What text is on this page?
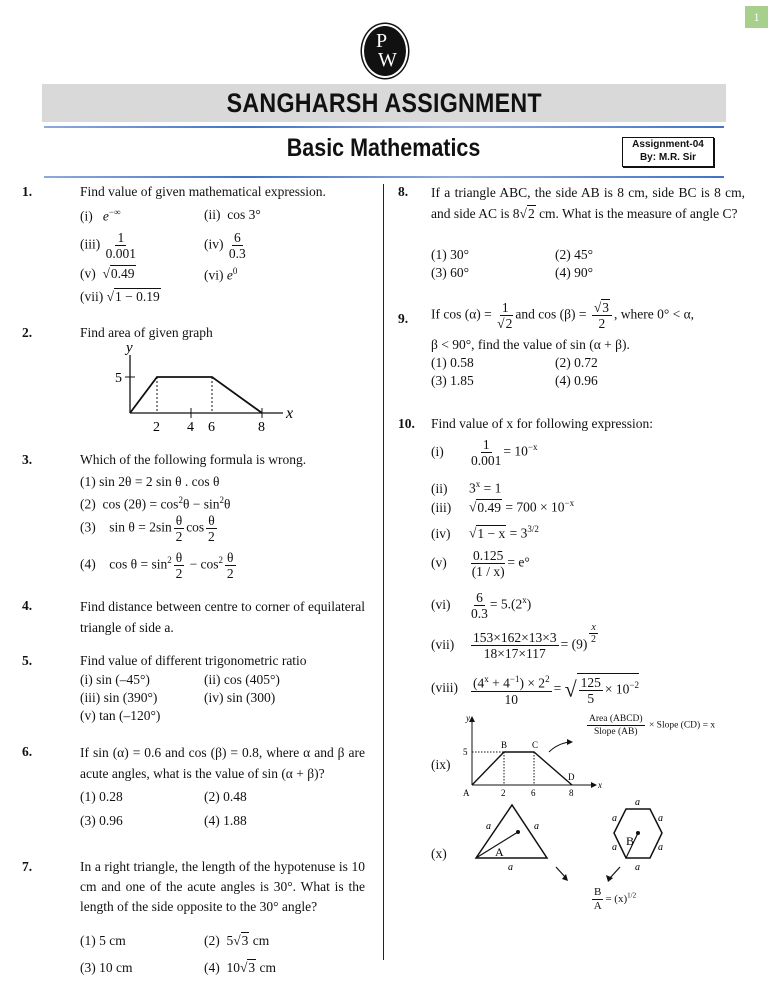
1
P
W
SANGHARSH ASSIGNMENT
Basic Mathematics	Assignment-04
By: M.R. Sir
1.	Find value of given mathematical expression.
(i) e−∞	(ii) cos 3°
$(iii) \frac{1}{0.001}$	$(iv) \frac{6}{0.3}$
(v) √0.49	(vi) $e^0$
(vii) √1 − 0.19
2.	Find area of given graph
y
x
5
2 4 6	8
3.	Which of the following formula is wrong.
(1) sin 2θ = 2 sin θ . cos θ
(2) $\cos (2\theta) = \cos^2\theta - \sin^2\theta$
(3) $\sin \theta = 2\sin \frac{\theta}{2}$ $\cos \frac{\theta}{2}$
(4) $\cos \theta = \sin^2 \frac{\theta}{2} - \cos^2 \frac{\theta}{2}$
4.	Find distance between centre to corner of equilateral triangle of side a.
5.	Find value of different trigonometric ratio
(i) sin (–45°)	(ii) cos (405°)
(iii) sin (390°)	(iv) sin (300)
(v) tan (–120°)
6.	If sin (α) = 0.6 and cos (β) = 0.8, where α and β are acute angles, what is the value of sin (α + β)?
(1) 0.28	(2) 0.48
(3) 0.96	(4) 1.88
7.	In a right triangle, the length of the hypotenuse is 10 cm and one of the acute angles is 30°. What is the length of the side opposite to the 30° angle?
(1) 5 cm	(2) 5√3 cm
(3) 10 cm	(4) 10√3 cm
8. If a triangle ABC, the side AB is 8 cm, side BC is 8 cm, and side AC is 8√2 cm. What is the measure of angle C?
(1) 30°	(2) 45°
(3) 60°	(4) 90°
9. If $\cos (\alpha) = \frac{1}{√2}$ and $\cos (\beta) = \frac{√3}{2}$ , where 0° < α,
β < 90°, find the value of sin (α + β).
(1) 0.58	(2) 0.72
(3) 1.85	(4) 0.96
10. Find value of x for following expression:
$(i) \frac{1}{0.001} = 10^{-x}$
(ii) $3^x = 1$
(iii) $√0.49 = 700 \times 10^{-x}$
(iv) $√1 - x = 3^{3/2}$
$(v) \frac{0.125}{(1 / x)} = e^\circ$
$(vi) \frac{6}{0.3} = 5.(2^x)$
$(vii) \frac{153\times 162\times 13\times 3}{18\times 17\times 117} = (9) \frac{x}{2}$
(viii) $\frac{(4^x + 4^{-1}) \times 2^2}{10}$ = √ $\frac{125}{5} \times 10^{-2}$
(ix)
y
5
A
B	C
D
x
2	6	8
$\frac{\text{Area (ABCD)}}{\text{Slope (AB)}}$ × Slope (CD) = x
(x)
a	a
a
A
a
a	a
a	a
a
B
$\frac{B}{A} = (x)^{1/2}$
